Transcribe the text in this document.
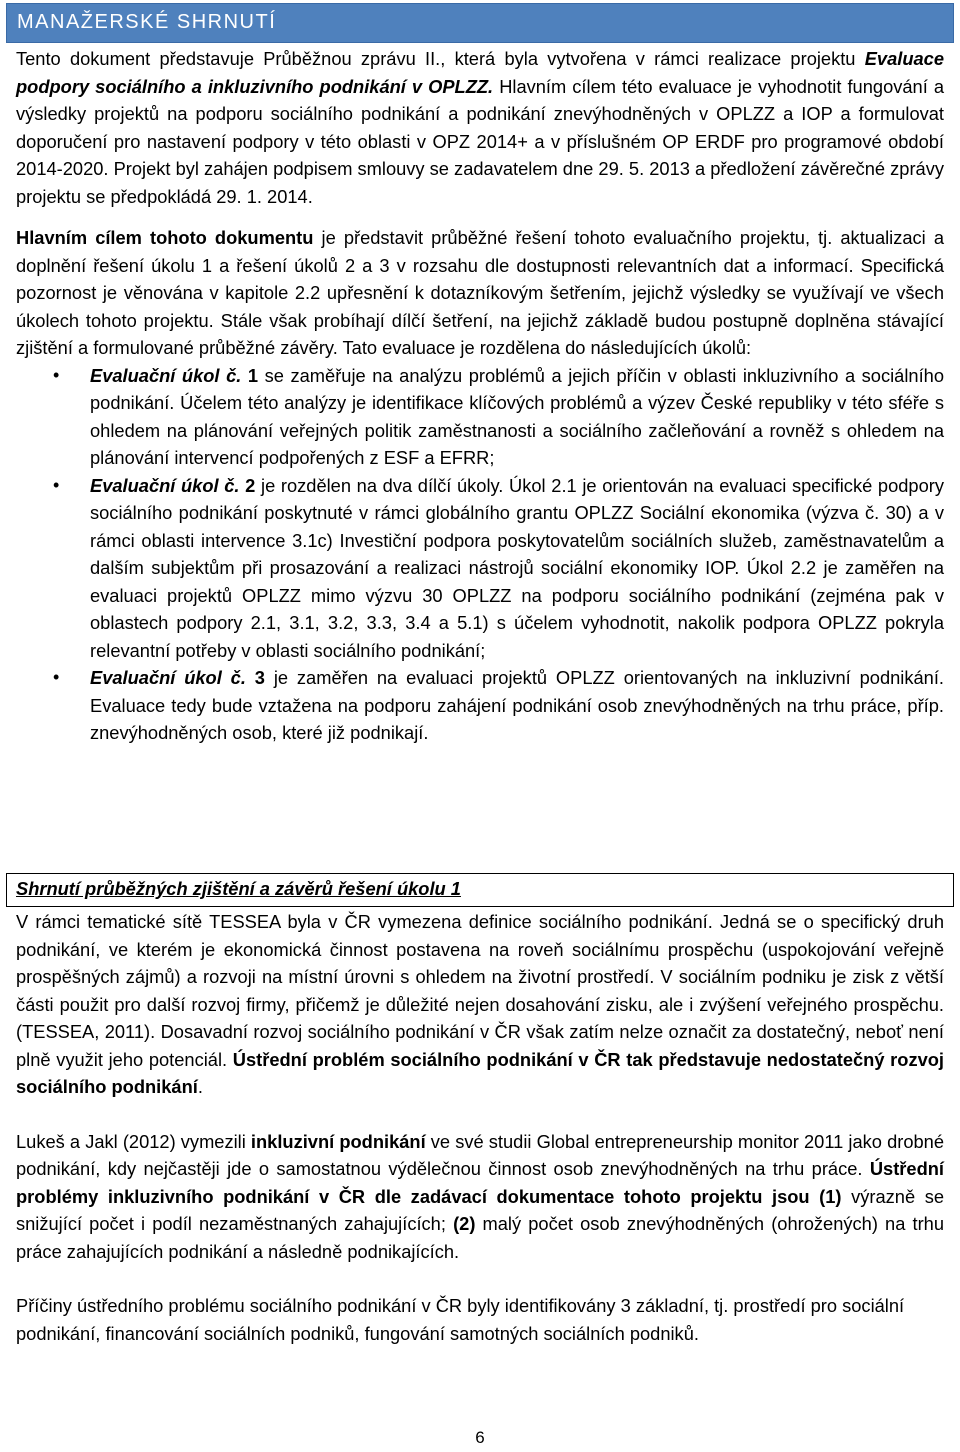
MANAŽERSKÉ SHRNUTÍ

Tento dokument představuje Průběžnou zprávu II., která byla vytvořena v rámci realizace projektu Evaluace podpory sociálního a inkluzivního podnikání v OPLZZ. Hlavním cílem této evaluace je vyhodnotit fungování a výsledky projektů na podporu sociálního podnikání a podnikání znevýhodněných v OPLZZ a IOP a formulovat doporučení pro nastavení podpory v této oblasti v OPZ 2014+ a v příslušném OP ERDF pro programové období 2014-2020. Projekt byl zahájen podpisem smlouvy se zadavatelem dne 29. 5. 2013 a předložení závěrečné zprávy projektu se předpokládá 29. 1. 2014.

Hlavním cílem tohoto dokumentu je představit průběžné řešení tohoto evaluačního projektu, tj. aktualizaci a doplnění řešení úkolu 1 a řešení úkolů 2 a 3 v rozsahu dle dostupnosti relevantních dat a informací. Specifická pozornost je věnována v kapitole 2.2 upřesnění k dotazníkovým šetřením, jejichž výsledky se využívají ve všech úkolech tohoto projektu. Stále však probíhají dílčí šetření, na jejichž základě budou postupně doplněna stávající zjištění a formulované průběžné závěry. Tato evaluace je rozdělena do následujících úkolů:

• Evaluační úkol č. 1 se zaměřuje na analýzu problémů a jejich příčin v oblasti inkluzivního a sociálního podnikání. Účelem této analýzy je identifikace klíčových problémů a výzev České republiky v této sféře s ohledem na plánování veřejných politik zaměstnanosti a sociálního začleňování a rovněž s ohledem na plánování intervencí podpořených z ESF a EFRR;
• Evaluační úkol č. 2 je rozdělen na dva dílčí úkoly. Úkol 2.1 je orientován na evaluaci specifické podpory sociálního podnikání poskytnuté v rámci globálního grantu OPLZZ Sociální ekonomika (výzva č. 30) a v rámci oblasti intervence 3.1c) Investiční podpora poskytovatelům sociálních služeb, zaměstnavatelům a dalším subjektům při prosazování a realizaci nástrojů sociální ekonomiky IOP. Úkol 2.2 je zaměřen na evaluaci projektů OPLZZ mimo výzvu 30 OPLZZ na podporu sociálního podnikání (zejména pak v oblastech podpory 2.1, 3.1, 3.2, 3.3, 3.4 a 5.1) s účelem vyhodnotit, nakolik podpora OPLZZ pokryla relevantní potřeby v oblasti sociálního podnikání;
• Evaluační úkol č. 3 je zaměřen na evaluaci projektů OPLZZ orientovaných na inkluzivní podnikání. Evaluace tedy bude vztažena na podporu zahájení podnikání osob znevýhodněných na trhu práce, příp. znevýhodněných osob, které již podnikají.
Shrnutí průběžných zjištění a závěrů řešení úkolu 1

V rámci tematické sítě TESSEA byla v ČR vymezena definice sociálního podnikání. Jedná se o specifický druh podnikání, ve kterém je ekonomická činnost postavena na roveň sociálnímu prospěchu (uspokojování veřejně prospěšných zájmů) a rozvoji na místní úrovni s ohledem na životní prostředí. V sociálním podniku je zisk z větší části použit pro další rozvoj firmy, přičemž je důležité nejen dosahování zisku, ale i zvýšení veřejného prospěchu. (TESSEA, 2011). Dosavadní rozvoj sociálního podnikání v ČR však zatím nelze označit za dostatečný, neboť není plně využit jeho potenciál. Ústřední problém sociálního podnikání v ČR tak představuje nedostatečný rozvoj sociálního podnikání.

Lukeš a Jakl (2012) vymezili inkluzivní podnikání ve své studii Global entrepreneurship monitor 2011 jako drobné podnikání, kdy nejčastěji jde o samostatnou výdělečnou činnost osob znevýhodněných na trhu práce. Ústřední problémy inkluzivního podnikání v ČR dle zadávací dokumentace tohoto projektu jsou (1) výrazně se snižující počet i podíl nezaměstnaných zahajujících; (2) malý počet osob znevýhodněných (ohrožených) na trhu práce zahajujících podnikání a následně podnikajících.

Příčiny ústředního problému sociálního podnikání v ČR byly identifikovány 3 základní, tj. prostředí pro sociální podnikání, financování sociálních podniků, fungování samotných sociálních podniků.

6
